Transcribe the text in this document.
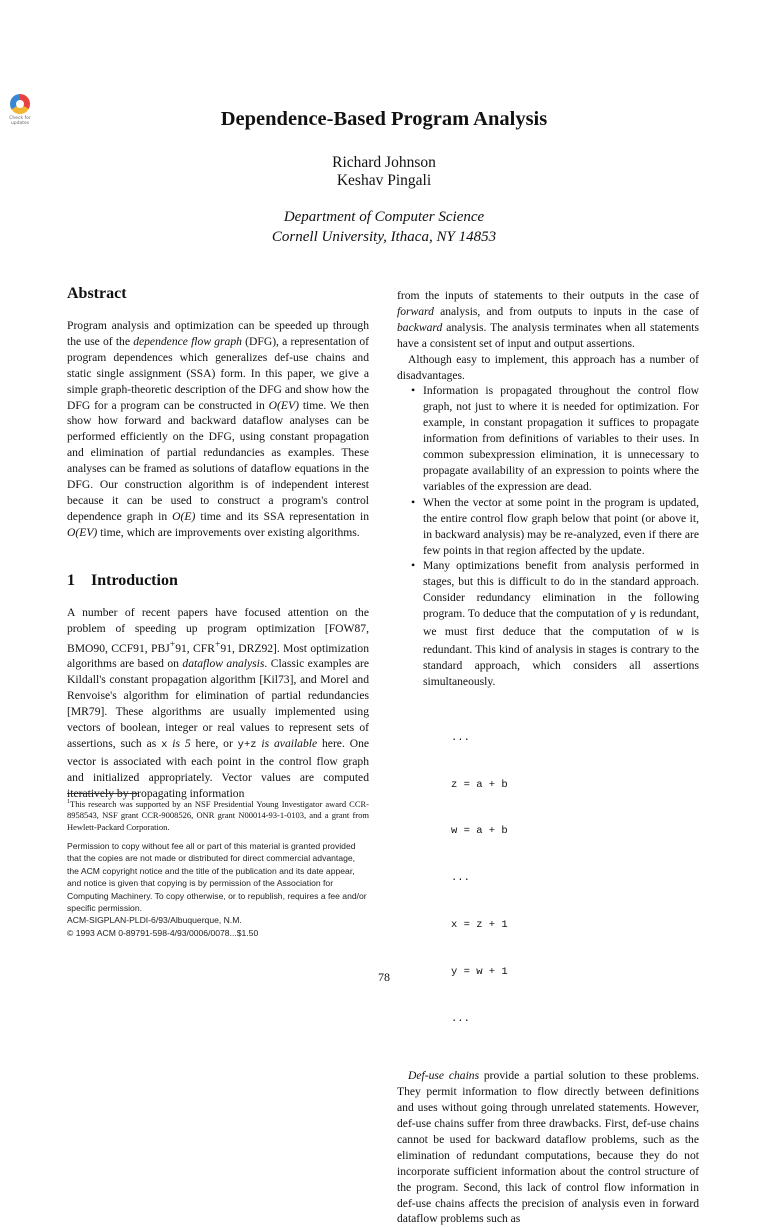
Check for
updates	Dependence-Based Program Analysis
Richard Johnson
Keshav Pingali
Department of Computer Science
Cornell University, Ithaca, NY 14853
Abstract

Program analysis and optimization can be speeded up through the use of the dependence flow graph (DFG), a representation of program dependences which generalizes def-use chains and static single assignment (SSA) form. In this paper, we give a simple graph-theoretic description of the DFG and show how the DFG for a program can be constructed in O(EV) time. We then show how forward and backward dataflow analyses can be performed efficiently on the DFG, using constant propagation and elimination of partial redundancies as examples. These analyses can be framed as solutions of dataflow equations in the DFG. Our construction algorithm is of independent interest because it can be used to construct a program's control dependence graph in O(E) time and its SSA representation in O(EV) time, which are improvements over existing algorithms.

1 Introduction

A number of recent papers have focused attention on the problem of speeding up program optimization [FOW87, BMO90, CCF91, PBJ+91, CFR+91, DRZ92]. Most optimization algorithms are based on dataflow analysis. Classic examples are Kildall's constant propagation algorithm [Kil73], and Morel and Renvoise's algorithm for elimination of partial redundancies [MR79]. These algorithms are usually implemented using vectors of boolean, integer or real values to represent sets of assertions, such as x is 5 here, or y+z is available here. One vector is associated with each point in the control flow graph and initialized appropriately. Vector values are computed iteratively by propagating information

$^1$This research was supported by an NSF Presidential Young Investigator award CCR-8958543, NSF grant CCR-9008526, ONR grant N00014-93-1-0103, and a grant from Hewlett-Packard Corporation.
Permission to copy without fee all or part of this material is granted provided that the copies are not made or distributed for direct commercial advantage, the ACM copyright notice and the title of the publication and its date appear, and notice is given that copying is by permission of the Association for Computing Machinery. To copy otherwise, or to republish, requires a fee and/or specific permission.
ACM-SIGPLAN-PLDI-6/93/Albuquerque, N.M.
© 1993 ACM 0-89791-598-4/93/0006/0078...$1.50

from the inputs of statements to their outputs in the case of forward analysis, and from outputs to inputs in the case of backward analysis. The analysis terminates when all statements have a consistent set of input and output assertions.

Although easy to implement, this approach has a number of disadvantages.

• Information is propagated throughout the control flow graph, not just to where it is needed for optimization. For example, in constant propagation it suffices to propagate information from definitions of variables to their uses. In common subexpression elimination, it is unnecessary to propagate availability of an expression to points where the variables of the expression are dead.
• When the vector at some point in the program is updated, the entire control flow graph below that point (or above it, in backward analysis) may be re-analyzed, even if there are few points in that region affected by the update.
• Many optimizations benefit from analysis performed in stages, but this is difficult to do in the standard approach. Consider redundancy elimination in the following program. To deduce that the computation of y is redundant, we must first deduce that the computation of w is redundant. This kind of analysis in stages is contrary to the standard approach, which considers all assertions simultaneously.

...

z = a + b

w = a + b

...

x = z + 1

y = w + 1

...

Def-use chains provide a partial solution to these problems. They permit information to flow directly between definitions and uses without going through unrelated statements. However, def-use chains suffer from three drawbacks. First, def-use chains cannot be used for backward dataflow problems, such as the elimination of redundant computations, because they do not incorporate sufficient information about the control structure of the program. Second, this lack of control flow information in def-use chains affects the precision of analysis even in forward dataflow problems such as

78
